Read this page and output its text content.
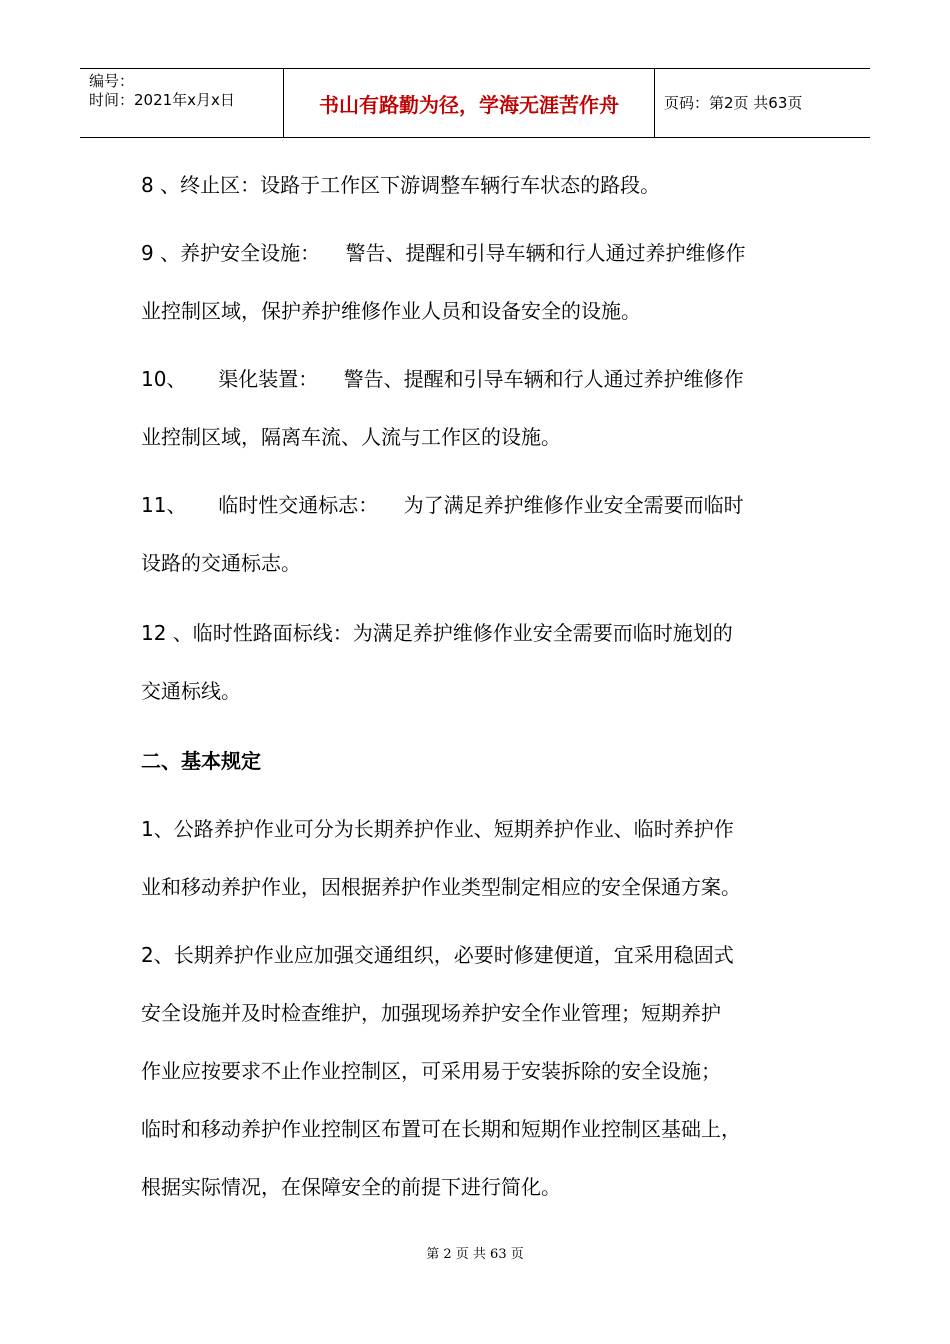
编号：
时间：2021年x月x日	书山有路勤为径，学海无涯苦作舟	页码：第2页 共63页
8 、终止区：设路于工作区下游调整车辆行车状态的路段。
9 、养护安全设施：    警告、提醒和引导车辆和行人通过养护维修作
业控制区域，保护养护维修作业人员和设备安全的设施。
10、     渠化装置：    警告、提醒和引导车辆和行人通过养护维修作
业控制区域，隔离车流、人流与工作区的设施。
11、     临时性交通标志：    为了满足养护维修作业安全需要而临时
设路的交通标志。
12 、临时性路面标线：为满足养护维修作业安全需要而临时施划的
交通标线。
二、基本规定
1、公路养护作业可分为长期养护作业、短期养护作业、临时养护作
业和移动养护作业，因根据养护作业类型制定相应的安全保通方案。
2、长期养护作业应加强交通组织，必要时修建便道，宜采用稳固式
安全设施并及时检查维护，加强现场养护安全作业管理；短期养护
作业应按要求不止作业控制区，可采用易于安装拆除的安全设施；
临时和移动养护作业控制区布置可在长期和短期作业控制区基础上，
根据实际情况，在保障安全的前提下进行简化。
第 2 页 共 63 页
